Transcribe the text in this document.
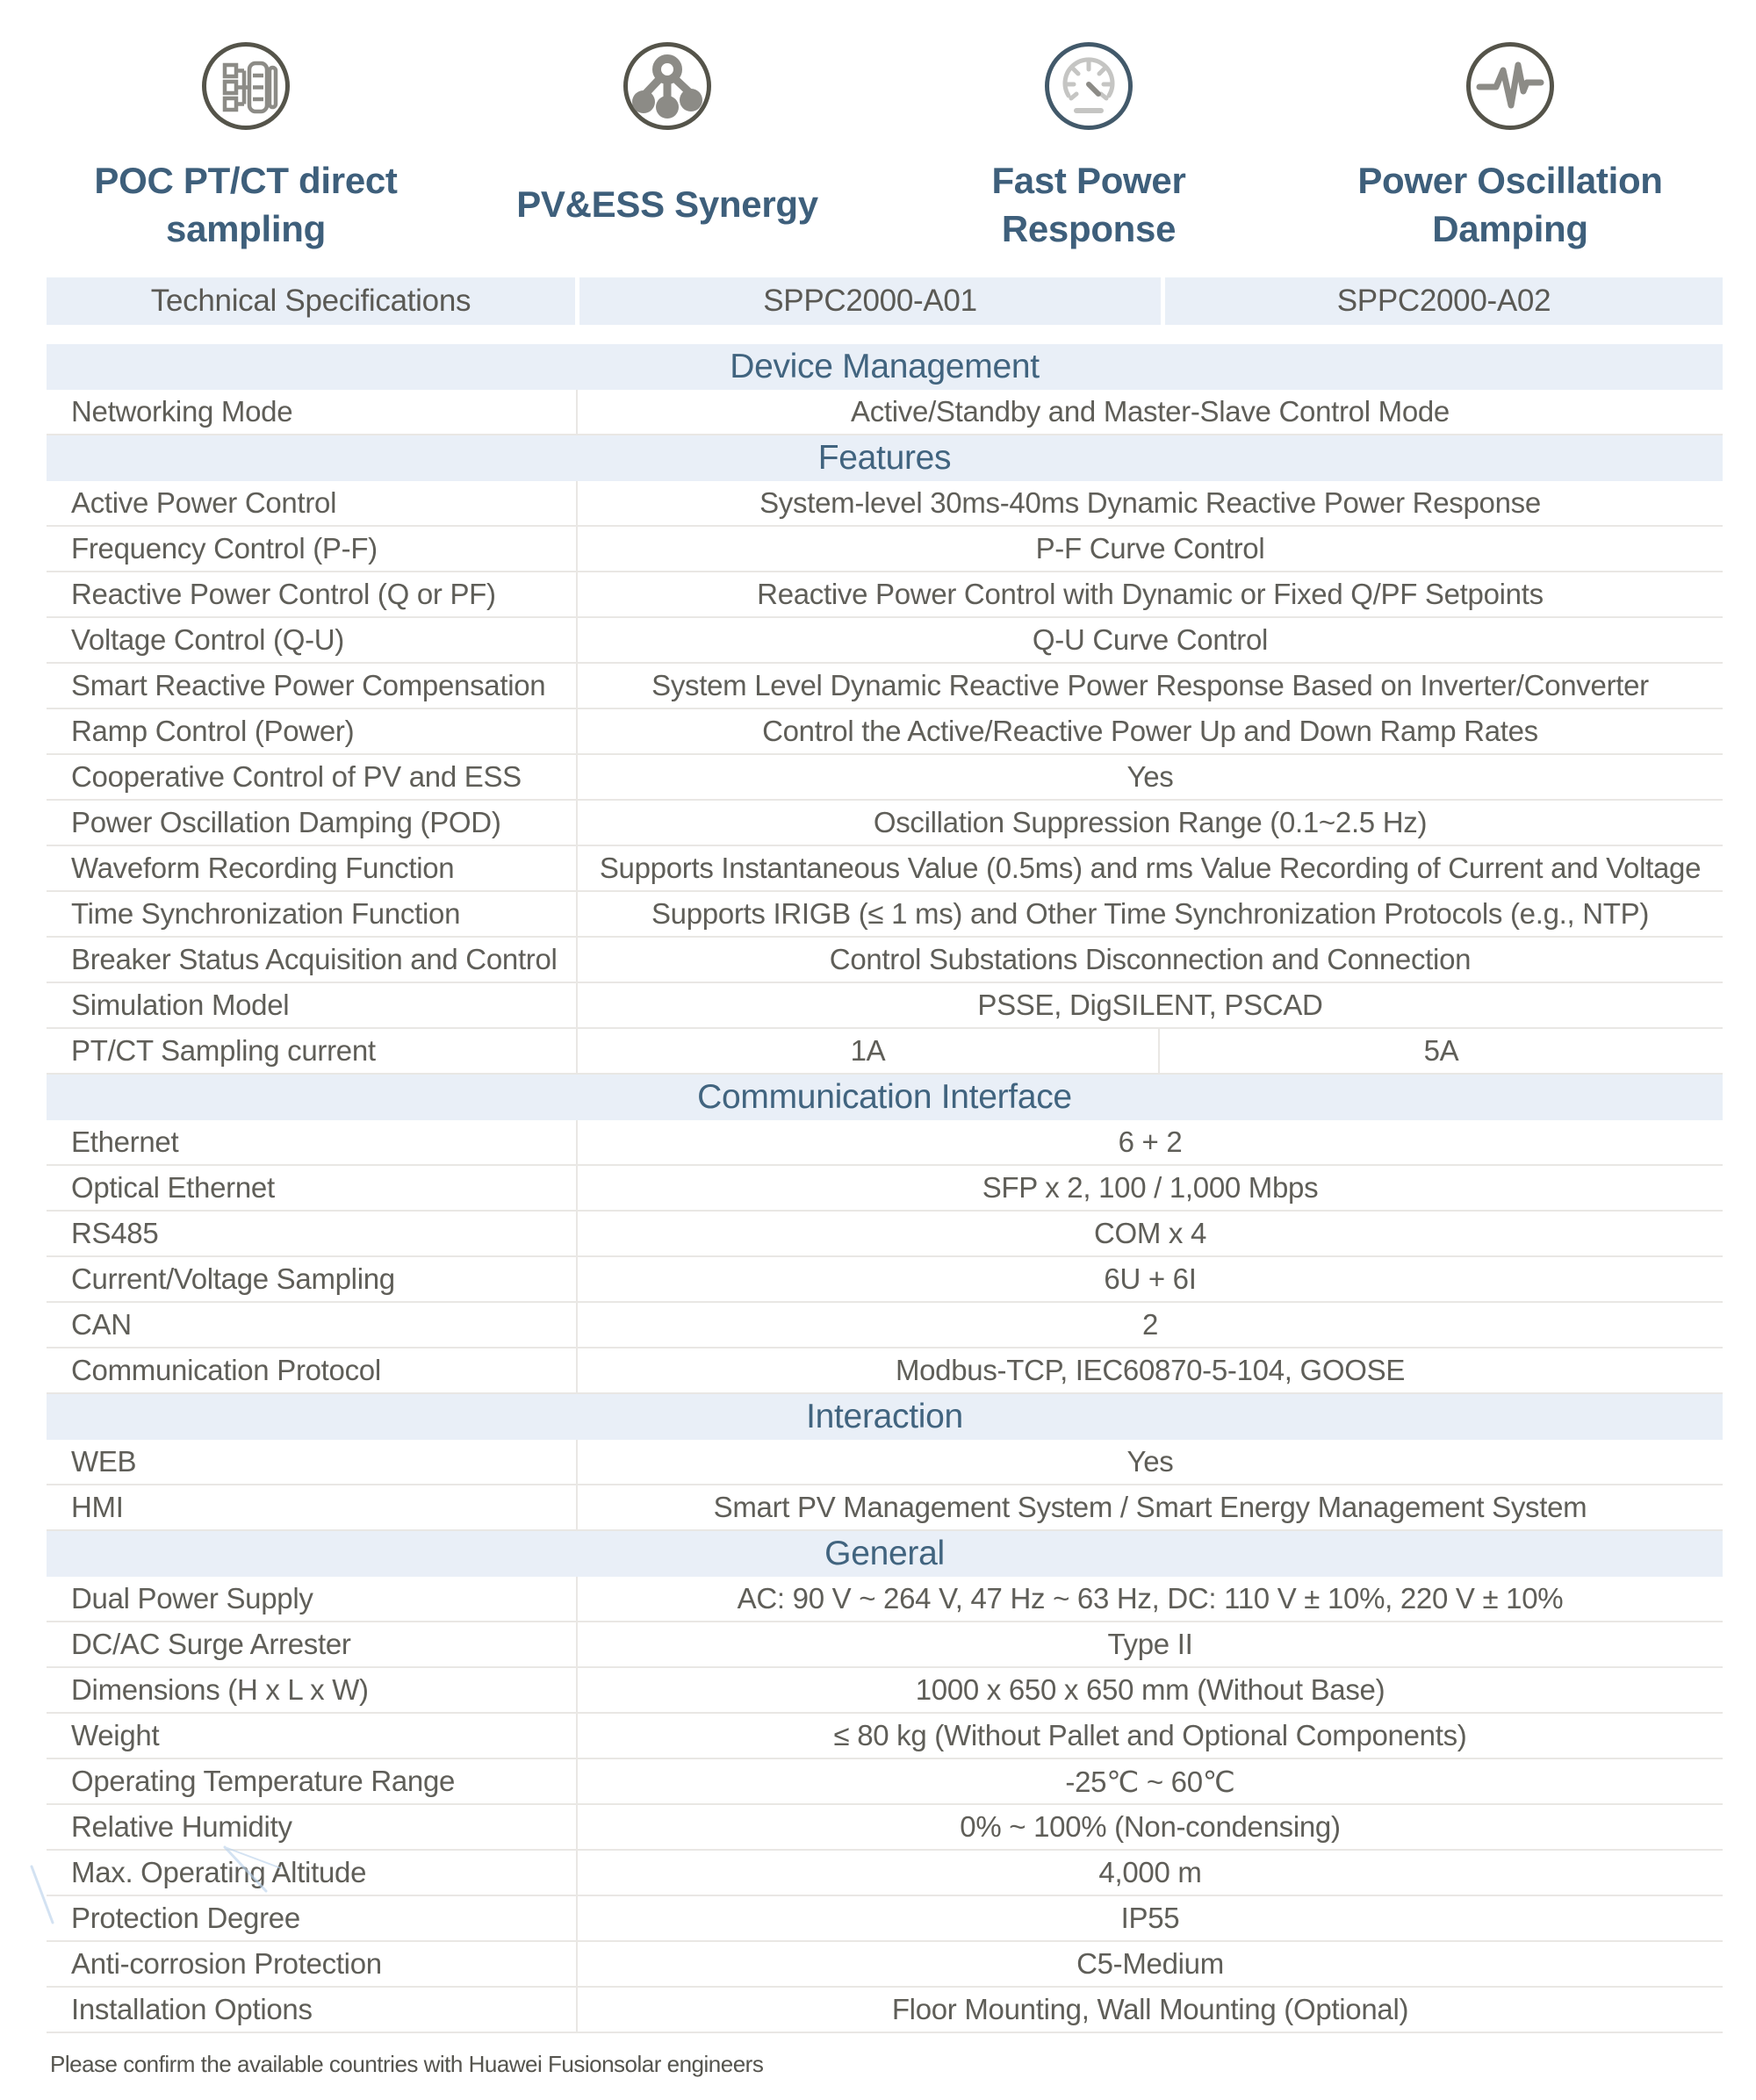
POC PT/CT direct
sampling
PV&ESS Synergy
Fast Power
Response
Power Oscillation
Damping
Technical Specifications	SPPC2000-A01	SPPC2000-A02
Device Management
Networking Mode	Active/Standby and Master-Slave Control Mode
Features
Active Power Control	System-level 30ms-40ms Dynamic Reactive Power Response
Frequency Control (P-F)	P-F Curve Control
Reactive Power Control (Q or PF)	Reactive Power Control with Dynamic or Fixed Q/PF Setpoints
Voltage Control (Q-U)	Q-U Curve Control
Smart Reactive Power Compensation	System Level Dynamic Reactive Power Response Based on Inverter/Converter
Ramp Control (Power)	Control the Active/Reactive Power Up and Down Ramp Rates
Cooperative Control of PV and ESS	Yes
Power Oscillation Damping (POD)	Oscillation Suppression Range (0.1~2.5 Hz)
Waveform Recording Function	Supports Instantaneous Value (0.5ms) and rms Value Recording of Current and Voltage
Time Synchronization Function	Supports IRIGB (≤ 1 ms) and Other Time Synchronization Protocols (e.g., NTP)
Breaker Status Acquisition and Control	Control Substations Disconnection and Connection
Simulation Model	PSSE, DigSILENT, PSCAD
PT/CT Sampling current	1A	5A
Communication Interface
Ethernet	6 + 2
Optical Ethernet	SFP x 2, 100 / 1,000 Mbps
RS485	COM x 4
Current/Voltage Sampling	6U + 6I
CAN	2
Communication Protocol	Modbus-TCP, IEC60870-5-104, GOOSE
Interaction
WEB	Yes
HMI	Smart PV Management System / Smart Energy Management System
General
Dual Power Supply	AC: 90 V ~ 264 V, 47 Hz ~ 63 Hz, DC: 110 V ± 10%, 220 V ± 10%
DC/AC Surge Arrester	Type II
Dimensions (H x L x W)	1000 x 650 x 650 mm (Without Base)
Weight	≤ 80 kg (Without Pallet and Optional Components)
Operating Temperature Range	-25℃ ~ 60℃
Relative Humidity	0% ~ 100% (Non-condensing)
Max. Operating Altitude	4,000 m
Protection Degree	IP55
Anti-corrosion Protection	C5-Medium
Installation Options	Floor Mounting, Wall Mounting (Optional)
Please confirm the available countries with Huawei Fusionsolar engineers
